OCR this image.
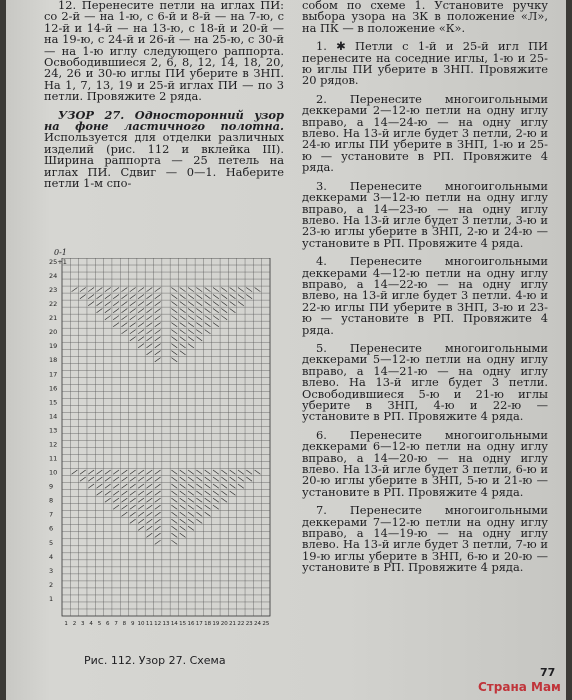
12. Перенесите петли на иглах ПИ: со 2-й — на 1-ю, с 6-й и 8-й — на 7-ю, с 12-й и 14-й — на 13-ю, с 18-й и 20-й — на 19-ю, с 24-й и 26-й — на 25-ю, с 30-й — на 1-ю иглу следующего раппорта. Освободившиеся 2, 6, 8, 12, 14, 18, 20, 24, 26 и 30-ю иглы ПИ уберите в ЗНП. На 1, 7, 13, 19 и 25-й иглах ПИ — по 3 петли. Провяжите 2 ряда.

УЗОР 27. Односторонний узор на фоне ластичного полотна. Используется для отделки различных изделий (рис. 112 и вклейка III). Ширина раппорта — 25 петель на иглах ПИ. Сдвиг — 0—1. Наберите петли 1-м спо-

0-1
25+1
24
23
22
21
20
19
18
17
16
15
14
13
12
11
10
9
8
7
6
5
4
3
2
1
1 2 3 4 5 6 7 8 9 10 11 12 13 14 15 16 17 18 19 20 21 22 23 24 25
Рис. 112. Узор 27. Схема

собом по схеме 1. Установите ручку выбора узора на ЗК в положение «Л», на ПК — в положение «К».

1. ✱ Петли с 1-й и 25-й игл ПИ перенесите на соседние иглы, 1-ю и 25-ю иглы ПИ уберите в ЗНП. Провяжите 20 рядов.

2. Перенесите многоигольными деккерами 2—12-ю петли на одну иглу вправо, а 14—24-ю — на одну иглу влево. На 13-й игле будет 3 петли, 2-ю и 24-ю иглы ПИ уберите в ЗНП, 1-ю и 25-ю — установите в РП. Провяжите 4 ряда.

3. Перенесите многоигольными деккерами 3—12-ю петли на одну иглу вправо, а 14—23-ю — на одну иглу влево. На 13-й игле будет 3 петли, 3-ю и 23-ю иглы уберите в ЗНП, 2-ю и 24-ю — установите в РП. Провяжите 4 ряда.

4. Перенесите многоигольными деккерами 4—12-ю петли на одну иглу вправо, а 14—22-ю — на одну иглу влево, на 13-й игле будет 3 петли. 4-ю и 22-ю иглы ПИ уберите в ЗНП, 3-ю и 23-ю — установите в РП. Провяжите 4 ряда.

5. Перенесите многоигольными деккерами 5—12-ю петли на одну иглу вправо, а 14—21-ю — на одну иглу влево. На 13-й игле будет 3 петли. Освободившиеся 5-ю и 21-ю иглы уберите в ЗНП, 4-ю и 22-ю — установите в РП. Провяжите 4 ряда.

6. Перенесите многоигольными деккерами 6—12-ю петли на одну иглу вправо, а 14—20-ю — на одну иглу влево. На 13-й игле будет 3 петли, 6-ю и 20-ю иглы уберите в ЗНП, 5-ю и 21-ю — установите в РП. Провяжите 4 ряда.

7. Перенесите многоигольными деккерами 7—12-ю петли на одну иглу вправо, а 14—19-ю — на одну иглу влево. На 13-й игле будет 3 петли, 7-ю и 19-ю иглы уберите в ЗНП, 6-ю и 20-ю — установите в РП. Провяжите 4 ряда.

77
Страна Мам
